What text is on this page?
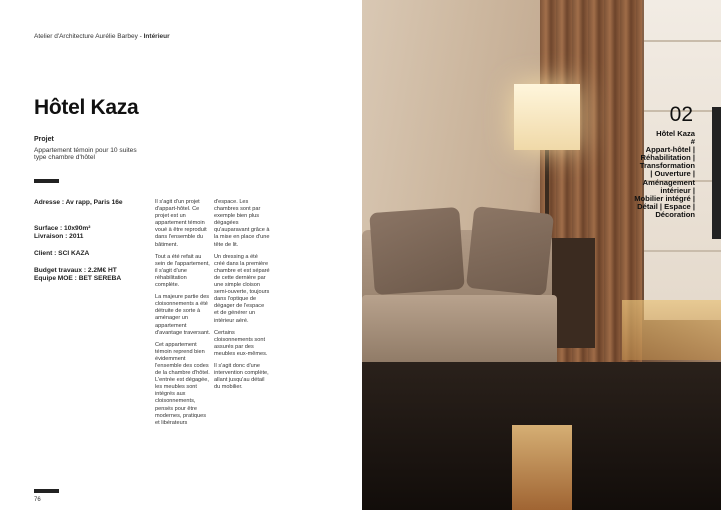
Atelier d'Architecture Aurélie Barbey - Intérieur
Hôtel Kaza
Projet
Appartement témoin pour 10 suites type chambre d'hôtel
Adresse : Av rapp, Paris 16e
Surface : 10x90m²
Livraison : 2011
Client : SCI KAZA
Budget travaux : 2.2M€ HT
Equipe MOE : BET SEREBA

Il s'agit d'un projet d'appart-hôtel. Ce projet est un appartement témoin voué à être reproduit dans l'ensemble du bâtiment.

Tout a été refait au sein de l'appartement, il s'agit d'une réhabilitation complète.

La majeure partie des cloisonnements a été détruite de sorte à aménager un appartement d'avantage traversant.

Cet appartement témoin reprend bien évidemment l'ensemble des codes de la chambre d'hôtel. L'entrée est dégagée, les meubles sont intégrés aux cloisonnements, pensés pour être modernes, pratiques et libérateurs

d'espace. Les chambres sont par exemple bien plus dégagées qu'auparavant grâce à la mise en place d'une tête de lit.

Un dressing a été créé dans la première chambre et est séparé de cette dernière par une simple cloison semi-ouverte, toujours dans l'optique de dégager de l'espace et de générer un intérieur aéré.

Certains cloisonnements sont assurés par des meubles eux-mêmes.

Il s'agit donc d'une intervention complète, allant jusqu'au détail du mobilier.

76
02
Hôtel Kaza
#
Appart-hôtel |
Réhabilitation |
Transformation
| Ouverture |
Aménagement
intérieur |
Mobilier intégré |
Détail | Espace |
Décoration
